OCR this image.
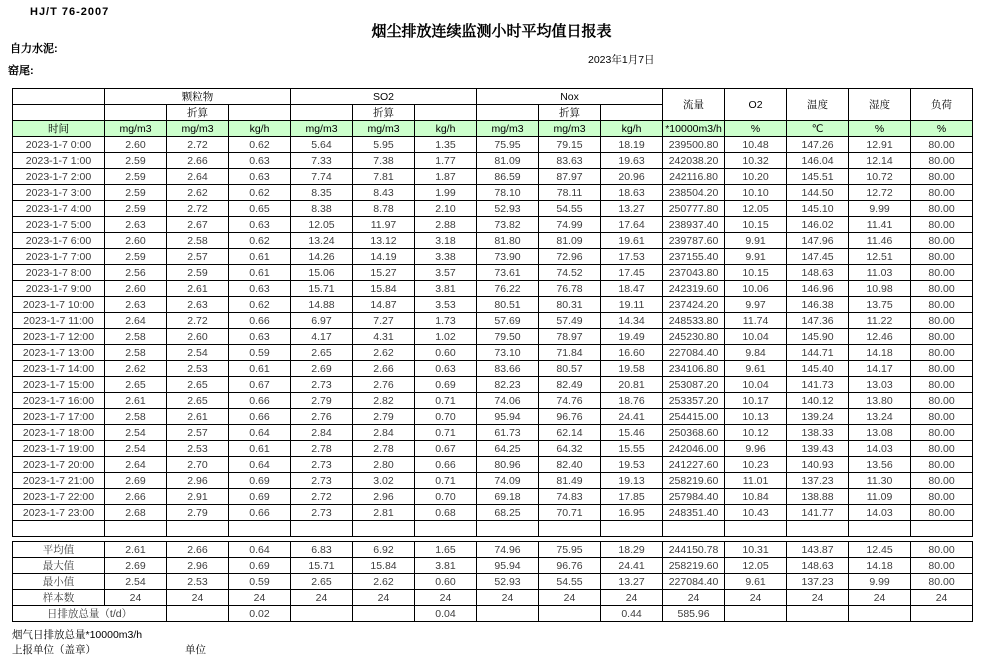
HJ/T 76-2007
烟尘排放连续监测小时平均值日报表
自力水泥:
窑尾:
2023年1月7日
	颗粒物			SO2			Nox			流量	O2	温度	湿度	负荷
		折算			折算			折算						
时间	mg/m3	mg/m3	kg/h	mg/m3	mg/m3	kg/h	mg/m3	mg/m3	kg/h	*10000m3/h	%	℃	%	%
2023-1-7 0:00	2.60	2.72	0.62	5.64	5.95	1.35	75.95	79.15	18.19	239500.80	10.48	147.26	12.91	80.00
2023-1-7 1:00	2.59	2.66	0.63	7.33	7.38	1.77	81.09	83.63	19.63	242038.20	10.32	146.04	12.14	80.00
2023-1-7 2:00	2.59	2.64	0.63	7.74	7.81	1.87	86.59	87.97	20.96	242116.80	10.20	145.51	10.72	80.00
2023-1-7 3:00	2.59	2.62	0.62	8.35	8.43	1.99	78.10	78.11	18.63	238504.20	10.10	144.50	12.72	80.00
2023-1-7 4:00	2.59	2.72	0.65	8.38	8.78	2.10	52.93	54.55	13.27	250777.80	12.05	145.10	9.99	80.00
2023-1-7 5:00	2.63	2.67	0.63	12.05	11.97	2.88	73.82	74.99	17.64	238937.40	10.15	146.02	11.41	80.00
2023-1-7 6:00	2.60	2.58	0.62	13.24	13.12	3.18	81.80	81.09	19.61	239787.60	9.91	147.96	11.46	80.00
2023-1-7 7:00	2.59	2.57	0.61	14.26	14.19	3.38	73.90	72.96	17.53	237155.40	9.91	147.45	12.51	80.00
2023-1-7 8:00	2.56	2.59	0.61	15.06	15.27	3.57	73.61	74.52	17.45	237043.80	10.15	148.63	11.03	80.00
2023-1-7 9:00	2.60	2.61	0.63	15.71	15.84	3.81	76.22	76.78	18.47	242319.60	10.06	146.96	10.98	80.00
2023-1-7 10:00	2.63	2.63	0.62	14.88	14.87	3.53	80.51	80.31	19.11	237424.20	9.97	146.38	13.75	80.00
2023-1-7 11:00	2.64	2.72	0.66	6.97	7.27	1.73	57.69	57.49	14.34	248533.80	11.74	147.36	11.22	80.00
2023-1-7 12:00	2.58	2.60	0.63	4.17	4.31	1.02	79.50	78.97	19.49	245230.80	10.04	145.90	12.46	80.00
2023-1-7 13:00	2.58	2.54	0.59	2.65	2.62	0.60	73.10	71.84	16.60	227084.40	9.84	144.71	14.18	80.00
2023-1-7 14:00	2.62	2.53	0.61	2.69	2.66	0.63	83.66	80.57	19.58	234106.80	9.61	145.40	14.17	80.00
2023-1-7 15:00	2.65	2.65	0.67	2.73	2.76	0.69	82.23	82.49	20.81	253087.20	10.04	141.73	13.03	80.00
2023-1-7 16:00	2.61	2.65	0.66	2.79	2.82	0.71	74.06	74.76	18.76	253357.20	10.17	140.12	13.80	80.00
2023-1-7 17:00	2.58	2.61	0.66	2.76	2.79	0.70	95.94	96.76	24.41	254415.00	10.13	139.24	13.24	80.00
2023-1-7 18:00	2.54	2.57	0.64	2.84	2.84	0.71	61.73	62.14	15.46	250368.60	10.12	138.33	13.08	80.00
2023-1-7 19:00	2.54	2.53	0.61	2.78	2.78	0.67	64.25	64.32	15.55	242046.00	9.96	139.43	14.03	80.00
2023-1-7 20:00	2.64	2.70	0.64	2.73	2.80	0.66	80.96	82.40	19.53	241227.60	10.23	140.93	13.56	80.00
2023-1-7 21:00	2.69	2.96	0.69	2.73	3.02	0.71	74.09	81.49	19.13	258219.60	11.01	137.23	11.30	80.00
2023-1-7 22:00	2.66	2.91	0.69	2.72	2.96	0.70	69.18	74.83	17.85	257984.40	10.84	138.88	11.09	80.00
2023-1-7 23:00	2.68	2.79	0.66	2.73	2.81	0.68	68.25	70.71	16.95	248351.40	10.43	141.77	14.03	80.00

平均值	2.61	2.66	0.64	6.83	6.92	1.65	74.96	75.95	18.29	244150.78	10.31	143.87	12.45	80.00
最大值	2.69	2.96	0.69	15.71	15.84	3.81	95.94	96.76	24.41	258219.60	12.05	148.63	14.18	80.00
最小值	2.54	2.53	0.59	2.65	2.62	0.60	52.93	54.55	13.27	227084.40	9.61	137.23	9.99	80.00
样本数	24	24	24	24	24	24	24	24	24	24	24	24	24	24
日排放总量（t/d）			0.02			0.04			0.44	585.96				
烟气日排放总量*10000m3/h
上报单位（盖章）	单位
